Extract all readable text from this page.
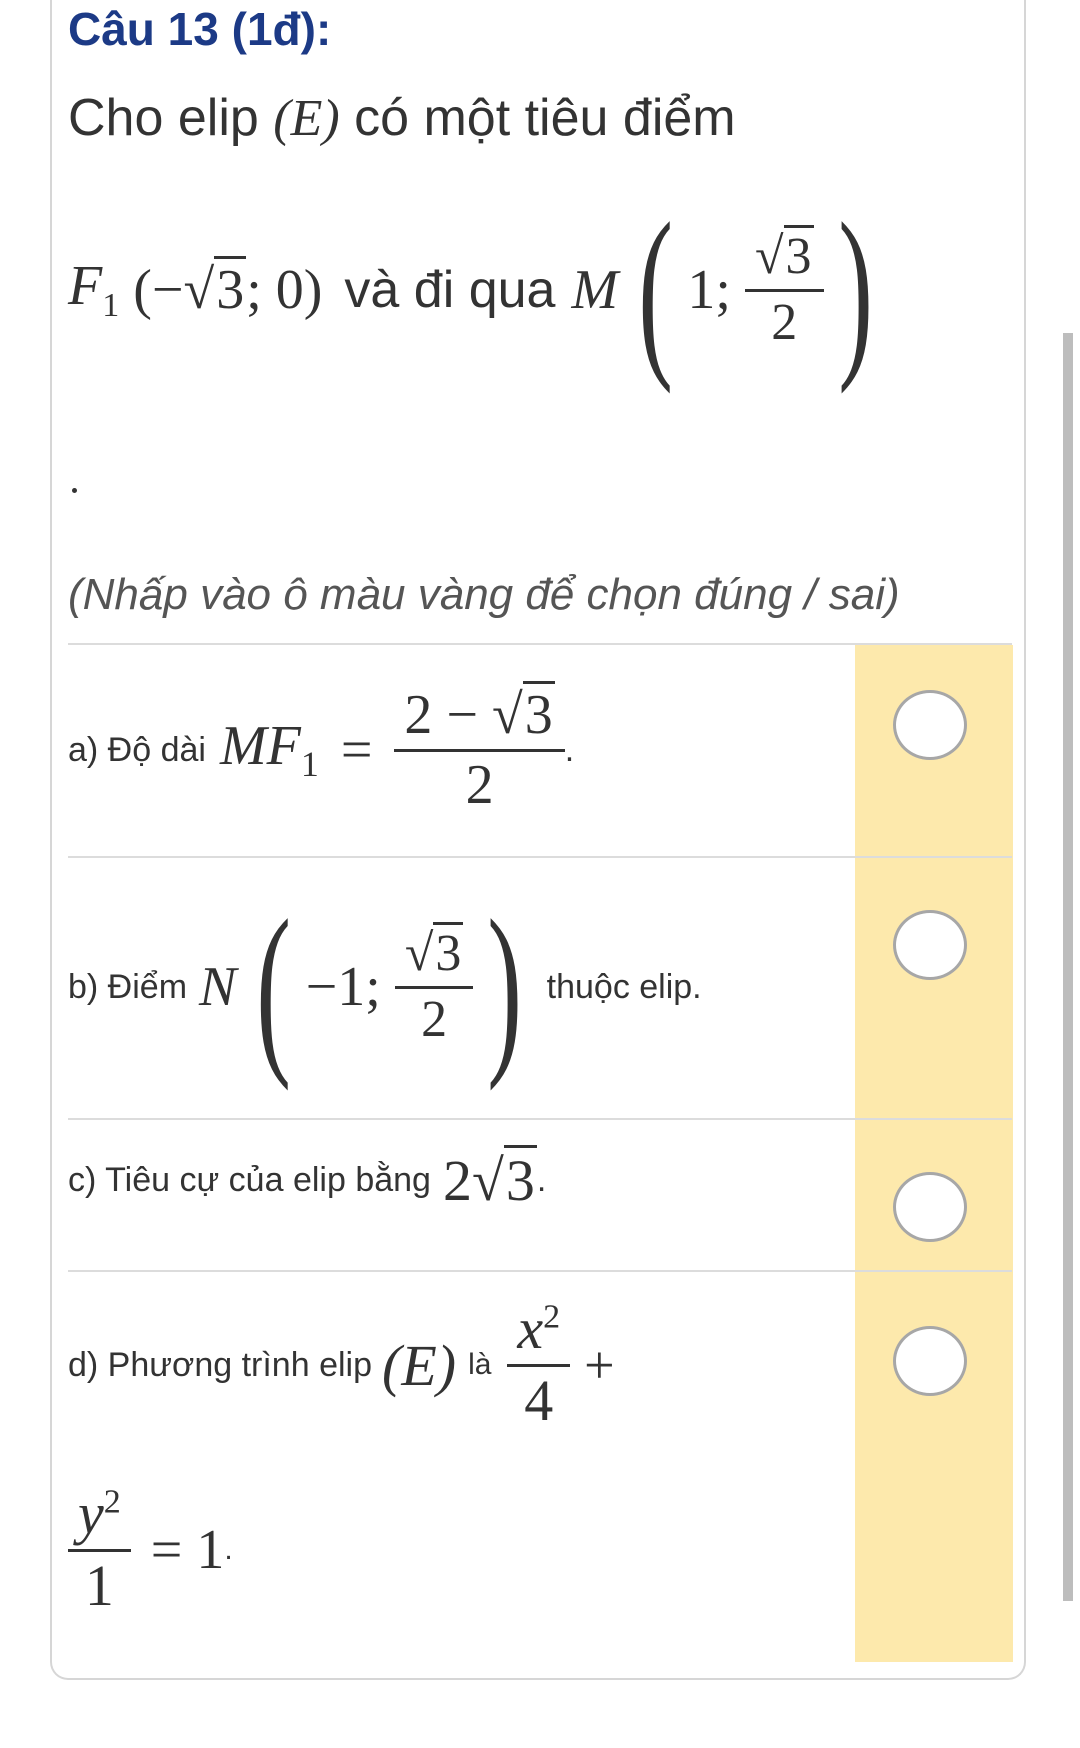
Câu 13 (1đ):
Cho elip (E) có một tiêu điểm
$F_1$ (−√3; 0) và đi qua M ( 1; $\frac{√3}{2}$ )
(Nhấp vào ô màu vàng để chọn đúng / sai)
a) Độ dài $MF_1 = \frac{2 - √3}{2}$ .
b) Điểm N ( −1; $\frac{√3}{2}$ ) thuộc elip.
c) Tiêu cự của elip bằng 2√3 .
d) Phương trình elip (E) là $\frac{x^2}{4}$ +
$\frac{y^2}{1} = 1$ .
